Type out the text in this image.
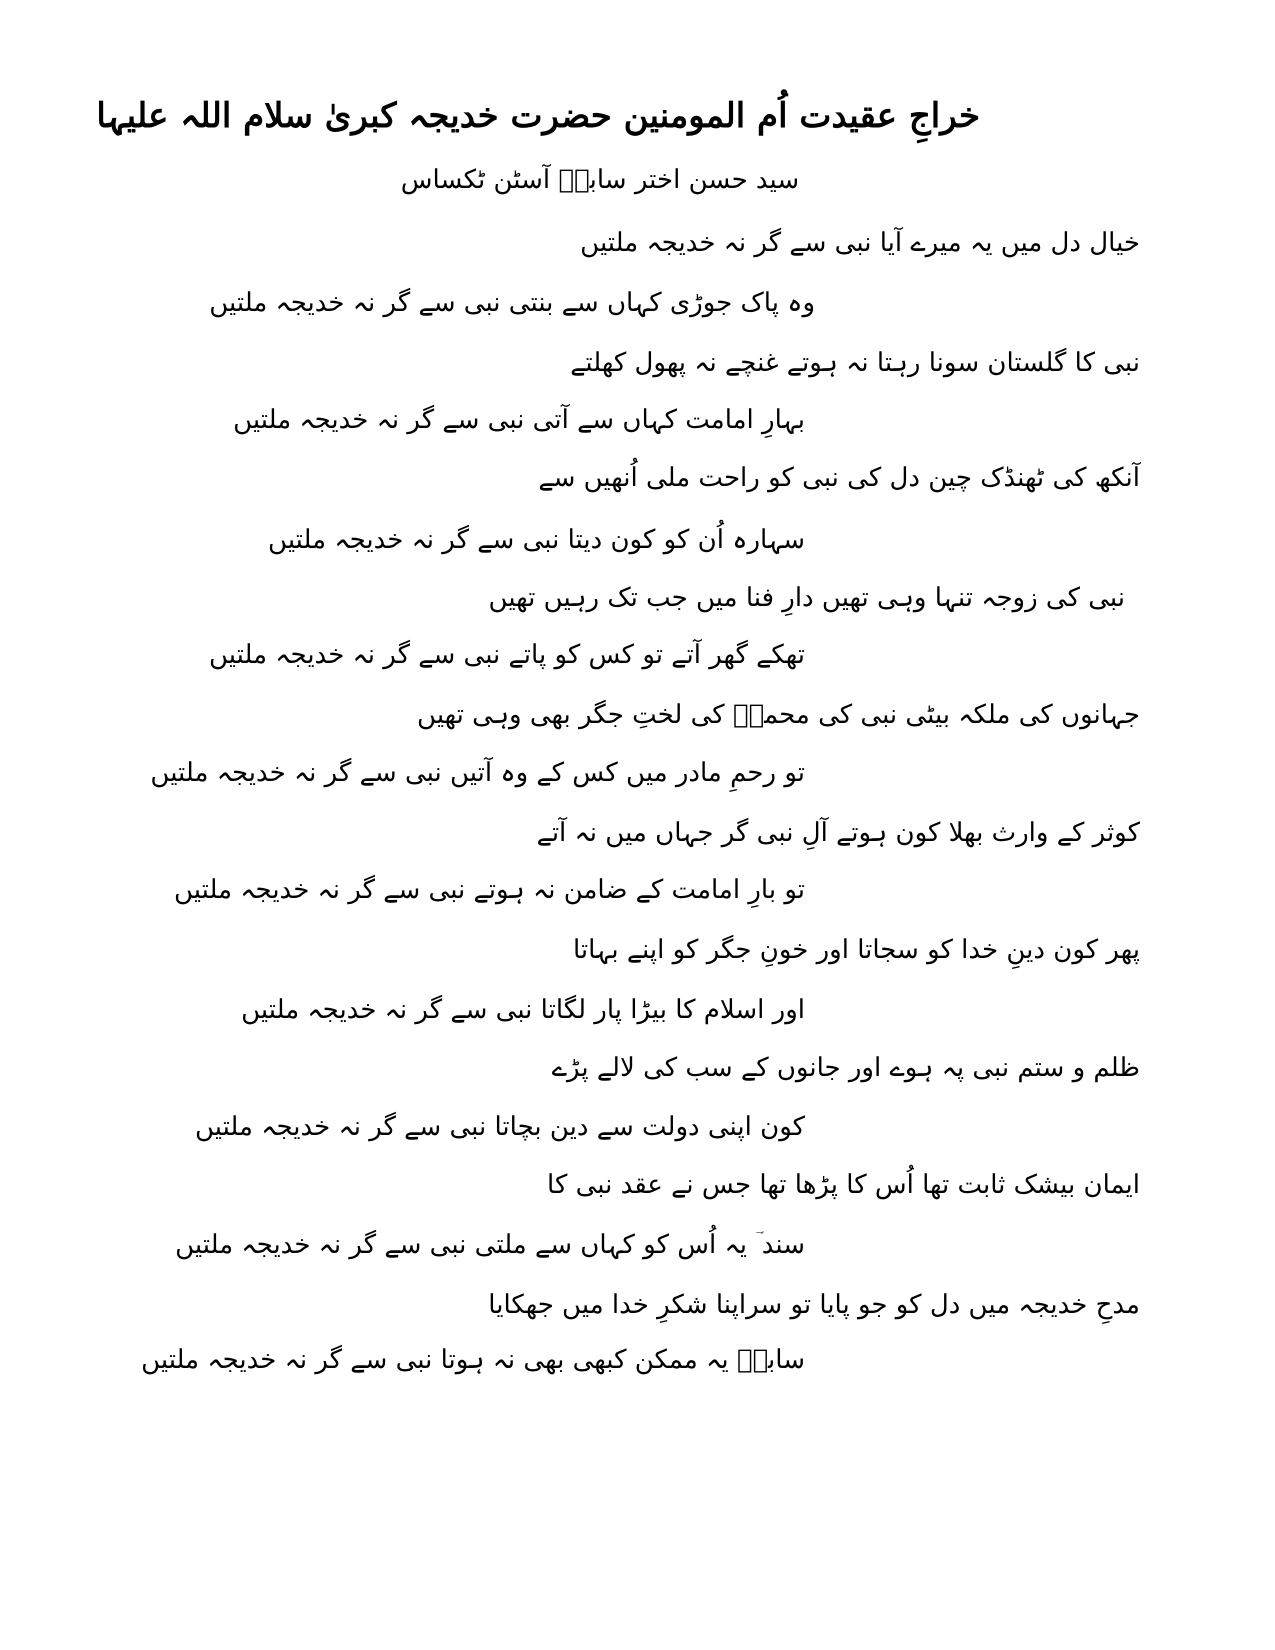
خراجِ عقیدت اُم المومنین حضرت خدیجہ کبریٰ سلام اللہ علیہا
سید حسن اختر سابقؔ آسٹن ٹکساس
خیال دل میں یہ میرے آیا نبی سے گر نہ خدیجہ ملتیں
وہ پاک جوڑی کہاں سے بنتی نبی سے گر نہ خدیجہ ملتیں
نبی کا گلستان سونا رہتا نہ ہوتے غنچے نہ پھول کھلتے
بہارِ امامت کہاں سے آتی نبی سے گر نہ خدیجہ ملتیں
آنکھ کی ٹھنڈک چین دل کی نبی کو راحت ملی اُنھیں سے
سہارہ اُن کو کون دیتا نبی سے گر نہ خدیجہ ملتیں
نبی کی زوجہ تنہا وہی تھیں دارِ فنا میں جب تک رہیں تھیں
تھکے گھر آتے تو کس کو پاتے نبی سے گر نہ خدیجہ ملتیں
جہانوں کی ملکہ بیٹی نبی کی محمدؐ کی لختِ جگر بھی وہی تھیں
تو رحمِ مادر میں کس کے وہ آتیں نبی سے گر نہ خدیجہ ملتیں
کوثر کے وارث بھلا کون ہوتے آلِ نبی گر جہاں میں نہ آتے
تو بارِ امامت کے ضامن نہ ہوتے نبی سے گر نہ خدیجہ ملتیں
پھر کون دینِ خدا کو سجاتا اور خونِ جگر کو اپنے بہاتا
اور اسلام کا بیڑا پار لگاتا نبی سے گر نہ خدیجہ ملتیں
ظلم و ستم نبی پہ ہوے اور جانوں کے سب کی لالے پڑے
کون اپنی دولت سے دین بچاتا نبی سے گر نہ خدیجہ ملتیں
ایمان بیشک ثابت تھا اُس کا پڑھا تھا جس نے عقد نبی کا
سند ؔ یہ اُس کو کہاں سے ملتی نبی سے گر نہ خدیجہ ملتیں
مدحِ خدیجہ میں دل کو جو پایا تو سراپنا شکرِ خدا میں جھکایا
سابقؔ یہ ممکن کبھی بھی نہ ہوتا نبی سے گر نہ خدیجہ ملتیں
